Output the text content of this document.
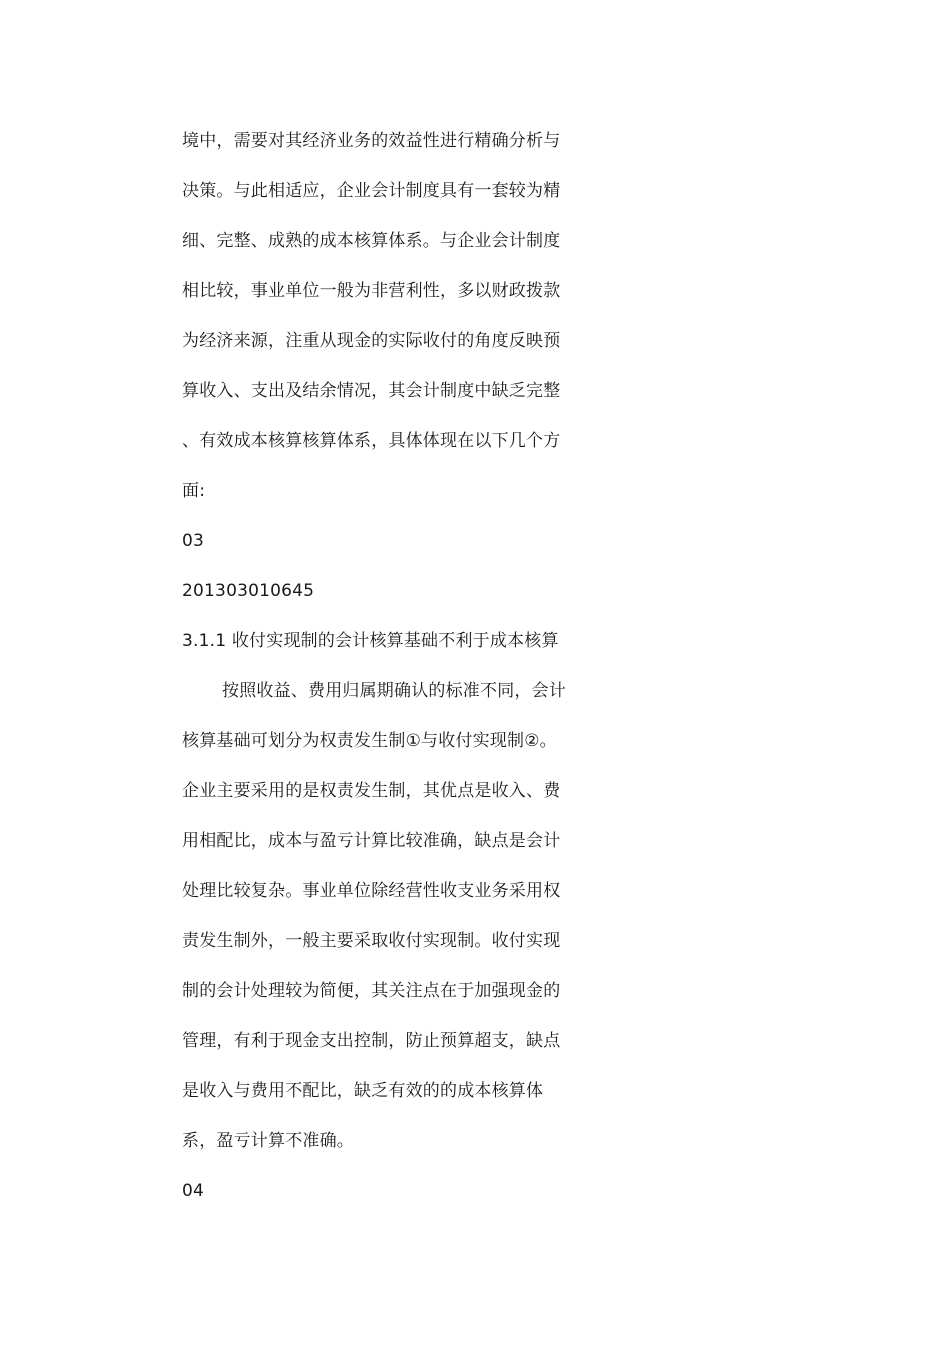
境中，需要对其经济业务的效益性进行精确分析与
决策。与此相适应，企业会计制度具有一套较为精
细、完整、成熟的成本核算体系。与企业会计制度
相比较，事业单位一般为非营利性，多以财政拨款
为经济来源，注重从现金的实际收付的角度反映预
算收入、支出及结余情况，其会计制度中缺乏完整
、有效成本核算核算体系，具体体现在以下几个方
面:
03
201303010645
3.1.1 收付实现制的会计核算基础不利于成本核算
按照收益、费用归属期确认的标准不同，会计
核算基础可划分为权责发生制①与收付实现制②。
企业主要采用的是权责发生制，其优点是收入、费
用相配比，成本与盈亏计算比较准确，缺点是会计
处理比较复杂。事业单位除经营性收支业务采用权
责发生制外，一般主要采取收付实现制。收付实现
制的会计处理较为简便，其关注点在于加强现金的
管理，有利于现金支出控制，防止预算超支，缺点
是收入与费用不配比，缺乏有效的的成本核算体
系，盈亏计算不准确。
04
